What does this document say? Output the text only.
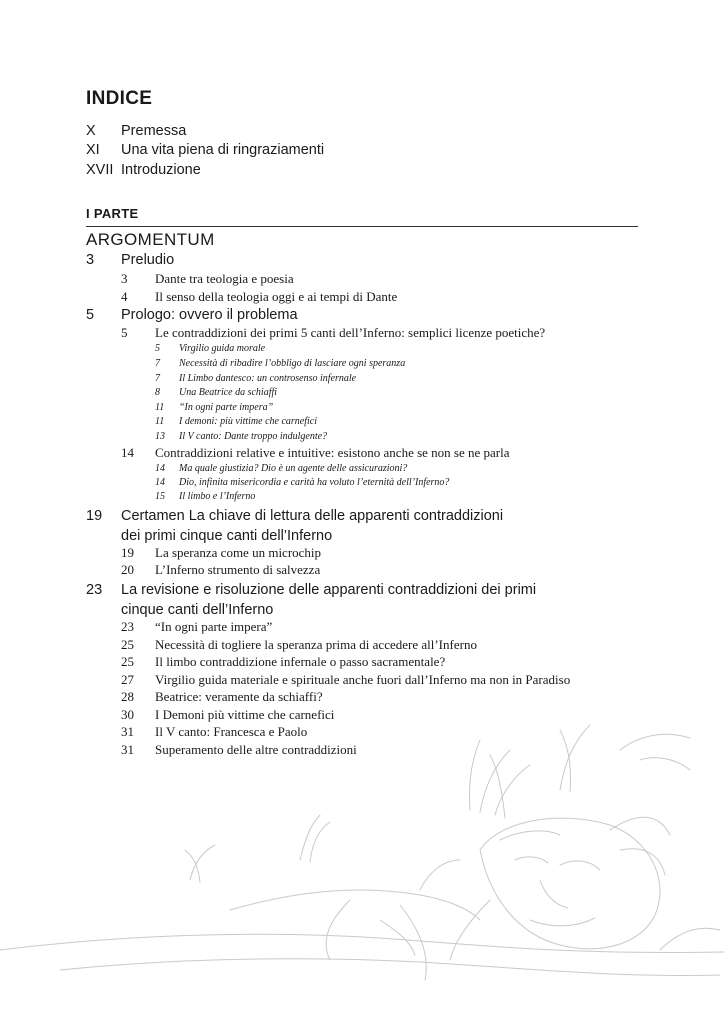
INDICE
X	Premessa
XI	Una vita piena di ringraziamenti
XVII Introduzione
I PARTE
ARGOMENTUM
3	Preludio
3	Dante tra teologia e poesia
4	Il senso della teologia oggi e ai tempi di Dante
5	Prologo: ovvero il problema
5	Le contraddizioni dei primi 5 canti dell’Inferno: semplici licenze poetiche?
5	Virgilio guida morale
7	Necessità di ribadire l’obbligo di lasciare ogni speranza
7	Il Limbo dantesco: un controsenso infernale
8	Una Beatrice da schiaffi
11	“In ogni parte impera”
11	I demoni: più vittime che carnefici
13	Il V canto: Dante troppo indulgente?
14	Contraddizioni relative e intuitive: esistono anche se non se ne parla
14	Ma quale giustizia? Dio è un agente delle assicurazioni?
14	Dio, infinita misericordia e carità ha voluto l’eternità dell’Inferno?
15	Il limbo e l’Inferno
19	Certamen La chiave di lettura delle apparenti contraddizioni dei primi cinque canti dell’Inferno
19	La speranza come un microchip
20	L’Inferno strumento di salvezza
23	La revisione e risoluzione delle apparenti contraddizioni dei primi cinque canti dell’Inferno
23	“In ogni parte impera”
25	Necessità di togliere la speranza prima di accedere all’Inferno
25	Il limbo contraddizione infernale o passo sacramentale?
27	Virgilio guida materiale e spirituale anche fuori dall’Inferno ma non in Paradiso
28	Beatrice: veramente da schiaffi?
30	I Demoni più vittime che carnefici
31	Il V canto: Francesca e Paolo
31	Superamento delle altre contraddizioni
